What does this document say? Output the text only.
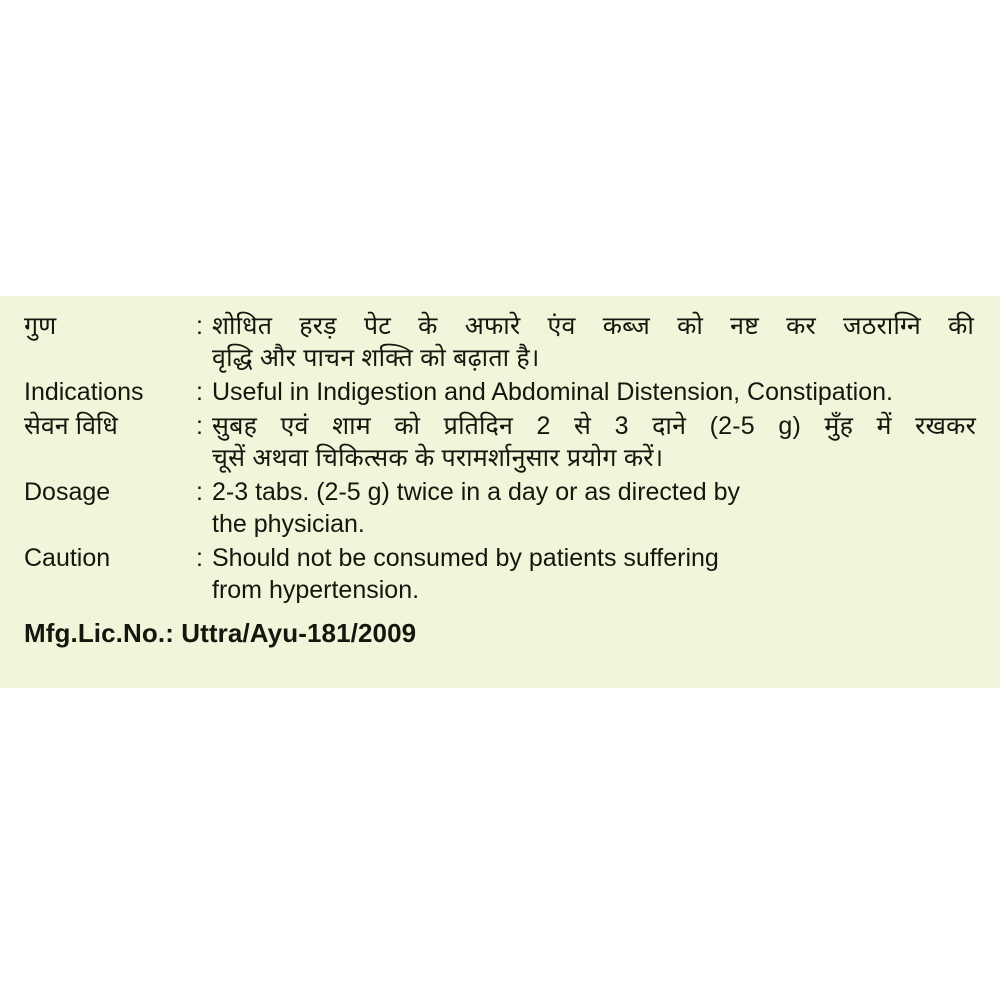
गुण	: शोधित हरड़ पेट के अफारे एंव कब्ज को नष्ट कर जठराग्नि की
वृद्धि और पाचन शक्ति को बढ़ाता है।
Indications	: Useful in Indigestion and Abdominal Distension, Constipation.
सेवन विधि	: सुबह एवं शाम को प्रतिदिन 2 से 3 दाने (2-5 g) मुँह में रखकर
चूसें अथवा चिकित्सक के परामर्शानुसार प्रयोग करें।
Dosage	: 2-3 tabs. (2-5 g) twice in a day or as directed by
the physician.
Caution	: Should not be consumed by patients suffering
from hypertension.
Mfg.Lic.No.: Uttra/Ayu-181/2009
